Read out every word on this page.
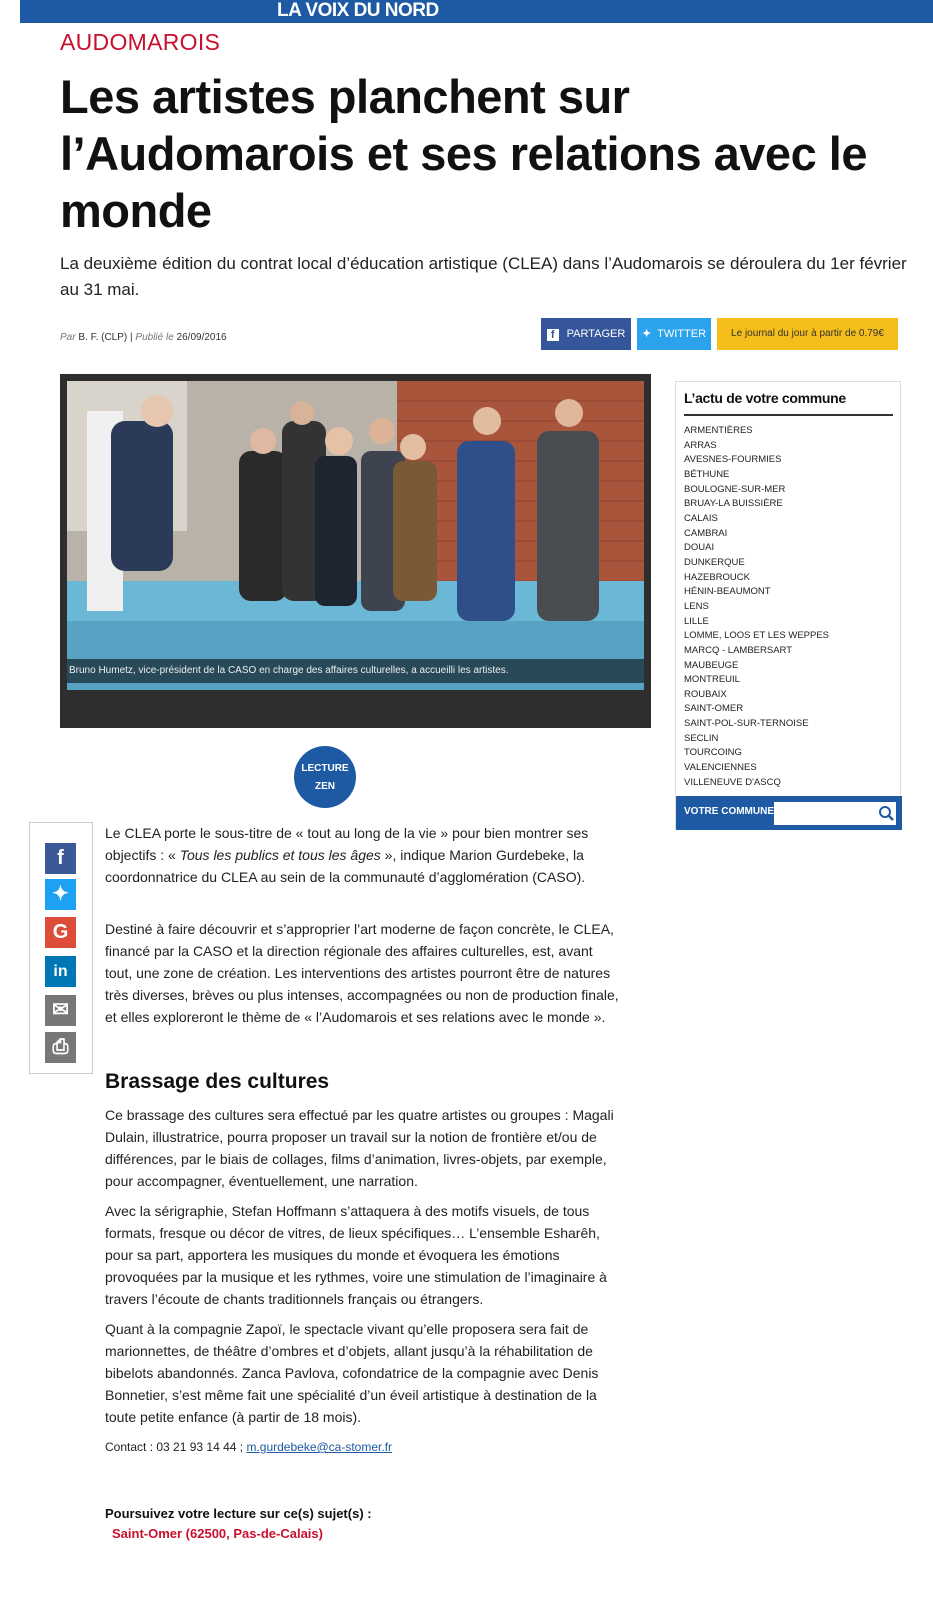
LA VOIX DU NORD
AUDOMAROIS
Les artistes planchent sur l’Audomarois et ses relations avec le monde

La deuxième édition du contrat local d’éducation artistique (CLEA) dans l’Audomarois se déroulera du 1er février au 31 mai.

Par B. F. (CLP) | Publié le 26/09/2016	f PARTAGER	✦ TWITTER	Le journal du jour à partir de 0.79€
Bruno Humetz, vice-président de la CASO en charge des affaires culturelles, a accueilli les artistes.
LECTURE
ZEN
f
✦
G
in
✉
⎙

Le CLEA porte le sous-titre de « tout au long de la vie » pour bien montrer ses objectifs : « Tous les publics et tous les âges », indique Marion Gurdebeke, la coordonnatrice du CLEA au sein de la communauté d’agglomération (CASO).

Destiné à faire découvrir et s’approprier l’art moderne de façon concrète, le CLEA, financé par la CASO et la direction régionale des affaires culturelles, est, avant tout, une zone de création. Les interventions des artistes pourront être de natures très diverses, brèves ou plus intenses, accompagnées ou non de production finale, et elles exploreront le thème de « l’Audomarois et ses relations avec le monde ».

Brassage des cultures

Ce brassage des cultures sera effectué par les quatre artistes ou groupes : Magali Dulain, illustratrice, pourra proposer un travail sur la notion de frontière et/ou de différences, par le biais de collages, films d’animation, livres-objets, par exemple, pour accompagner, éventuellement, une narration.

Avec la sérigraphie, Stefan Hoffmann s’attaquera à des motifs visuels, de tous formats, fresque ou décor de vitres, de lieux spécifiques… L’ensemble Esharêh, pour sa part, apportera les musiques du monde et évoquera les émotions provoquées par la musique et les rythmes, voire une stimulation de l’imaginaire à travers l’écoute de chants traditionnels français ou étrangers.

Quant à la compagnie Zapoï, le spectacle vivant qu’elle proposera sera fait de marionnettes, de théâtre d’ombres et d’objets, allant jusqu’à la réhabilitation de bibelots abandonnés. Zanca Pavlova, cofondatrice de la compagnie avec Denis Bonnetier, s’est même fait une spécialité d’un éveil artistique à destination de la toute petite enfance (à partir de 18 mois).

Contact : 03 21 93 14 44 ; m.gurdebeke@ca-stomer.fr
Poursuivez votre lecture sur ce(s) sujet(s) :
Saint-Omer (62500, Pas-de-Calais)
L’actu de votre commune
ARMENTIÈRES
ARRAS
AVESNES-FOURMIES
BÉTHUNE
BOULOGNE-SUR-MER
BRUAY-LA BUISSIÈRE
CALAIS
CAMBRAI
DOUAI
DUNKERQUE
HAZEBROUCK
HÉNIN-BEAUMONT
LENS
LILLE
LOMME, LOOS ET LES WEPPES
MARCQ - LAMBERSART
MAUBEUGE
MONTREUIL
ROUBAIX
SAINT-OMER
SAINT-POL-SUR-TERNOISE
SECLIN
TOURCOING
VALENCIENNES
VILLENEUVE D'ASCQ
VOTRE COMMUNE
